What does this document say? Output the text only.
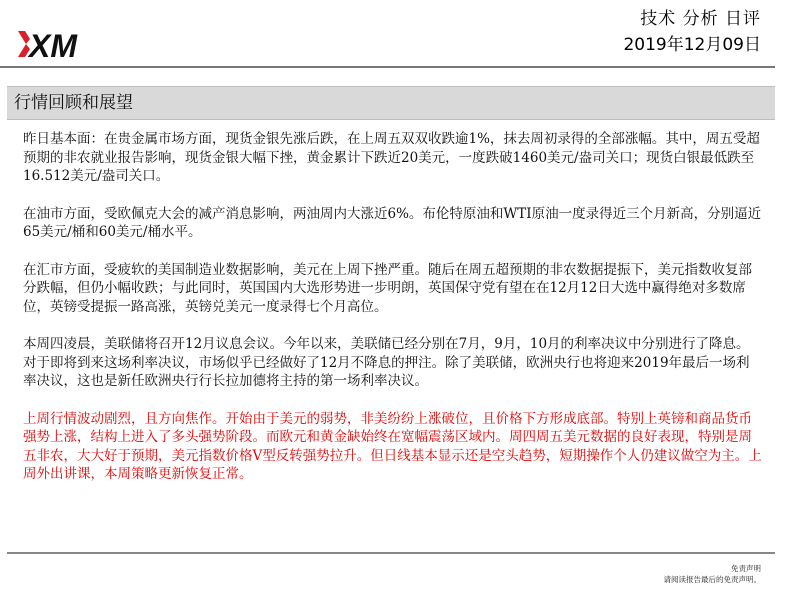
XM
技术 分析 日评
2019年12月09日
行情回顾和展望

昨日基本面：在贵金属市场方面，现货金银先涨后跌，在上周五双双收跌逾1%，抹去周初录得的全部涨幅。其中，周五受超预期的非农就业报告影响，现货金银大幅下挫，黄金累计下跌近20美元，一度跌破1460美元/盎司关口；现货白银最低跌至16.512美元/盎司关口。

在油市方面，受欧佩克大会的减产消息影响，两油周内大涨近6%。布伦特原油和WTI原油一度录得近三个月新高，分别逼近65美元/桶和60美元/桶水平。

在汇市方面，受疲软的美国制造业数据影响，美元在上周下挫严重。随后在周五超预期的非农数据提振下，美元指数收复部分跌幅，但仍小幅收跌；与此同时，英国国内大选形势进一步明朗，英国保守党有望在在12月12日大选中赢得绝对多数席位，英镑受提振一路高涨，英镑兑美元一度录得七个月高位。

本周四凌晨，美联储将召开12月议息会议。今年以来，美联储已经分别在7月，9月，10月的利率决议中分别进行了降息。对于即将到来这场利率决议，市场似乎已经做好了12月不降息的押注。除了美联储，欧洲央行也将迎来2019年最后一场利率决议，这也是新任欧洲央行行长拉加德将主持的第一场利率决议。

上周行情波动剧烈，且方向焦作。开始由于美元的弱势，非美纷纷上涨破位，且价格下方形成底部。特别上英镑和商品货币强势上涨，结构上进入了多头强势阶段。而欧元和黄金缺始终在宽幅震荡区域内。周四周五美元数据的良好表现，特别是周五非农，大大好于预期，美元指数价格V型反转强势拉升。但日线基本显示还是空头趋势，短期操作个人仍建议做空为主。上周外出讲课，本周策略更新恢复正常。

免责声明
请阅读报告最后的免责声明。
